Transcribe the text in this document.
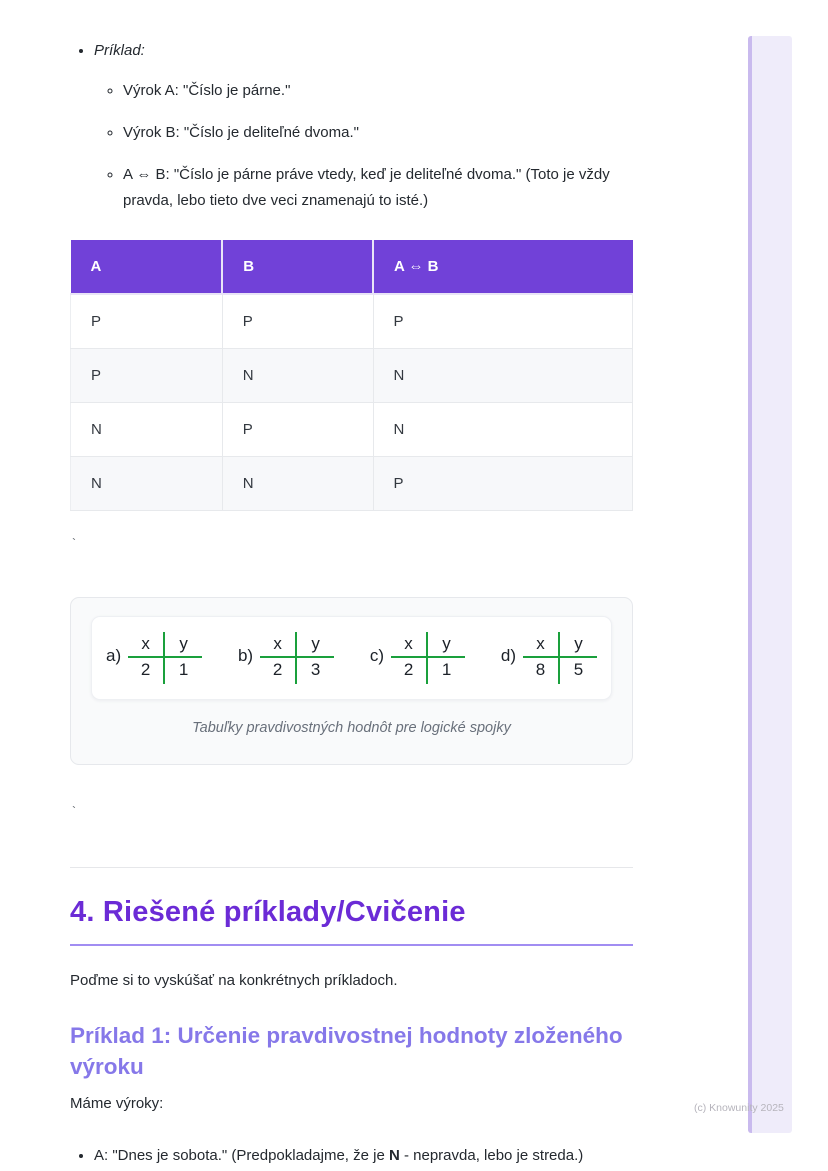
• Príklad:
◦ Výrok A: "Číslo je párne."
◦ Výrok B: "Číslo je deliteľné dvoma."
◦ A ⇔ B: "Číslo je párne práve vtedy, keď je deliteľné dvoma." (Toto je vždy pravda, lebo tieto dve veci znamenajú to isté.)
A	B	A ⇔ B
P	P	P
P	N	N
N	P	N
N	N	P
`
a)
x	y
2	1
b)
x	y
2	3
c)
x	y
2	1
d)
x	y
8	5
Tabuľky pravdivostných hodnôt pre logické spojky
`
4. Riešené príklady/Cvičenie

Poďme si to vyskúšať na konkrétnych príkladoch.

Príklad 1: Určenie pravdivostnej hodnoty zloženého výroku

Máme výroky:

• A: "Dnes je sobota." (Predpokladajme, že je N - nepravda, lebo je streda.)
(c) Knowunity 2025
